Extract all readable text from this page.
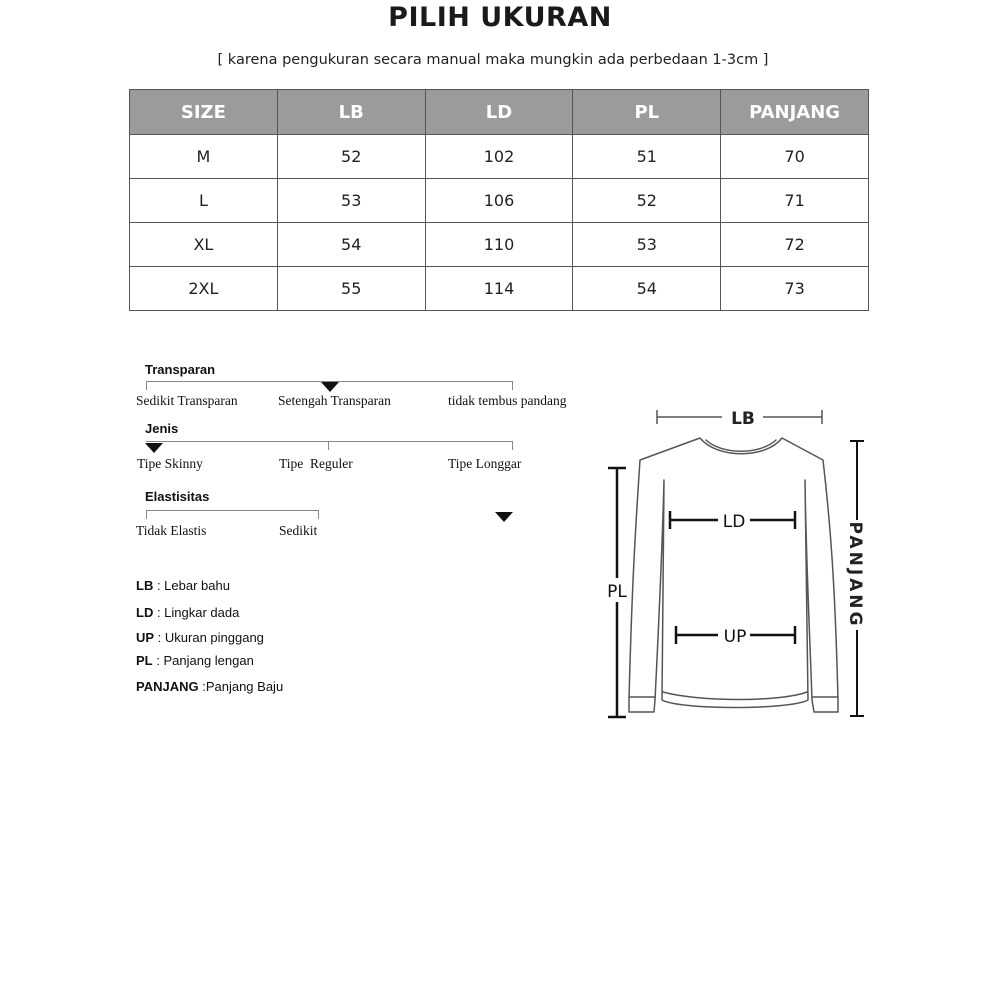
PILIH UKURAN
[ karena pengukuran secara manual maka mungkin ada perbedaan 1-3cm ]
SIZE	LB	LD	PL	PANJANG
M	52	102	51	70
L	53	106	52	71
XL	54	110	53	72
2XL	55	114	54	73
Transparan
Sedikit Transparan	Setengah Transparan	tidak tembus pandang
Jenis
Tipe Skinny	Tipe  Reguler	Tipe Longgar
Elastisitas
Tidak Elastis	Sedikit
LB : Lebar bahu
LD : Lingkar dada
UP : Ukuran pinggang
PL : Panjang lengan
PANJANG :Panjang Baju
LB
LD
UP
PL	PANJANG
